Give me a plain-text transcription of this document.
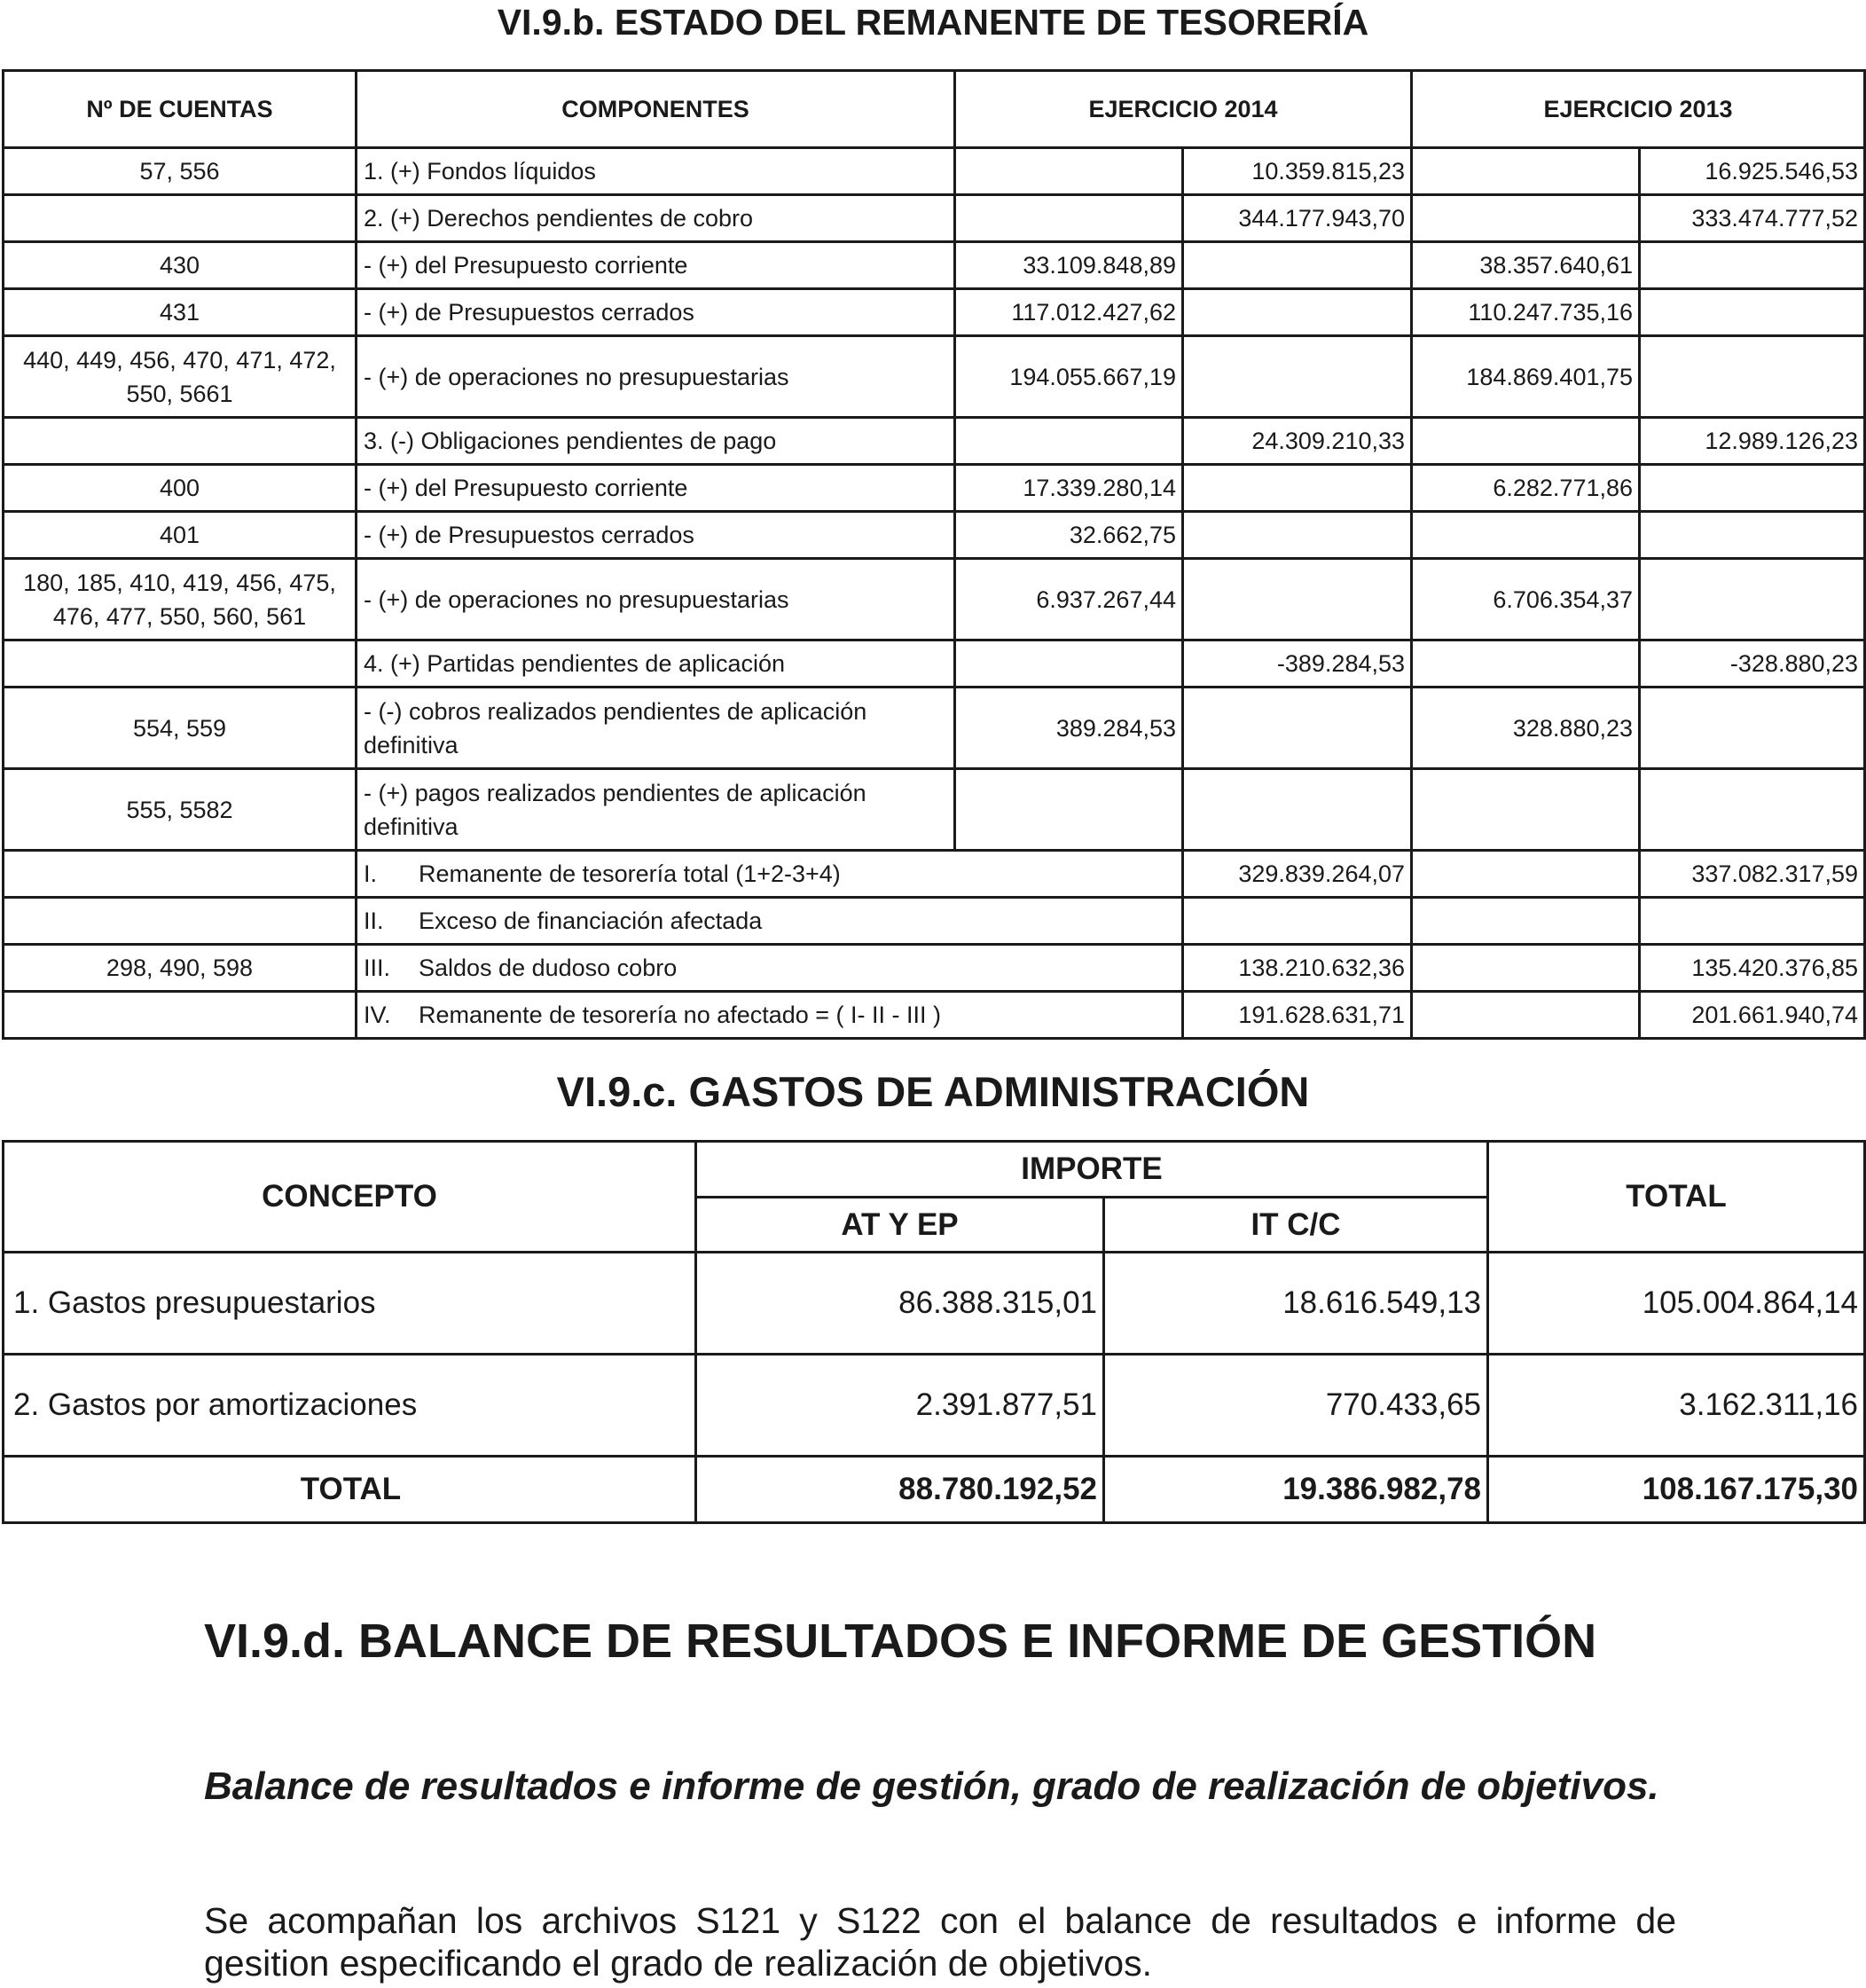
VI.9.b. ESTADO DEL REMANENTE DE TESORERÍA
Nº DE CUENTAS	COMPONENTES	EJERCICIO 2014		EJERCICIO 2013	
57, 556	1. (+) Fondos líquidos		10.359.815,23		16.925.546,53
	2. (+) Derechos pendientes de cobro		344.177.943,70		333.474.777,52
430	- (+) del Presupuesto corriente	33.109.848,89		38.357.640,61	
431	- (+) de Presupuestos cerrados	117.012.427,62		110.247.735,16	
440, 449, 456, 470, 471, 472, 550, 5661	- (+) de operaciones no presupuestarias	194.055.667,19		184.869.401,75	
	3. (-) Obligaciones pendientes de pago		24.309.210,33		12.989.126,23
400	- (+) del Presupuesto corriente	17.339.280,14		6.282.771,86	
401	- (+) de Presupuestos cerrados	32.662,75			
180, 185, 410, 419, 456, 475, 476, 477, 550, 560, 561	- (+) de operaciones no presupuestarias	6.937.267,44		6.706.354,37	
	4. (+) Partidas pendientes de aplicación		-389.284,53		-328.880,23
554, 559	- (-) cobros realizados pendientes de aplicación definitiva	389.284,53		328.880,23	
555, 5582	- (+) pagos realizados pendientes de aplicación definitiva				
	I. Remanente de tesorería total (1+2-3+4)		329.839.264,07		337.082.317,59
	II. Exceso de financiación afectada				
298, 490, 598	III. Saldos de dudoso cobro		138.210.632,36		135.420.376,85
	IV. Remanente de tesorería no afectado = ( I- II - III )		191.628.631,71		201.661.940,74
VI.9.c. GASTOS DE ADMINISTRACIÓN
CONCEPTO	IMPORTE		TOTAL
	AT Y EP	IT C/C	
1. Gastos presupuestarios	86.388.315,01	18.616.549,13	105.004.864,14
2. Gastos por amortizaciones	2.391.877,51	770.433,65	3.162.311,16
TOTAL	88.780.192,52	19.386.982,78	108.167.175,30
VI.9.d. BALANCE DE RESULTADOS E INFORME DE GESTIÓN

Balance de resultados e informe de gestión, grado de realización de objetivos.

Se acompañan los archivos S121 y S122 con el balance de resultados e informe de gesition especificando el grado de realización de objetivos.
